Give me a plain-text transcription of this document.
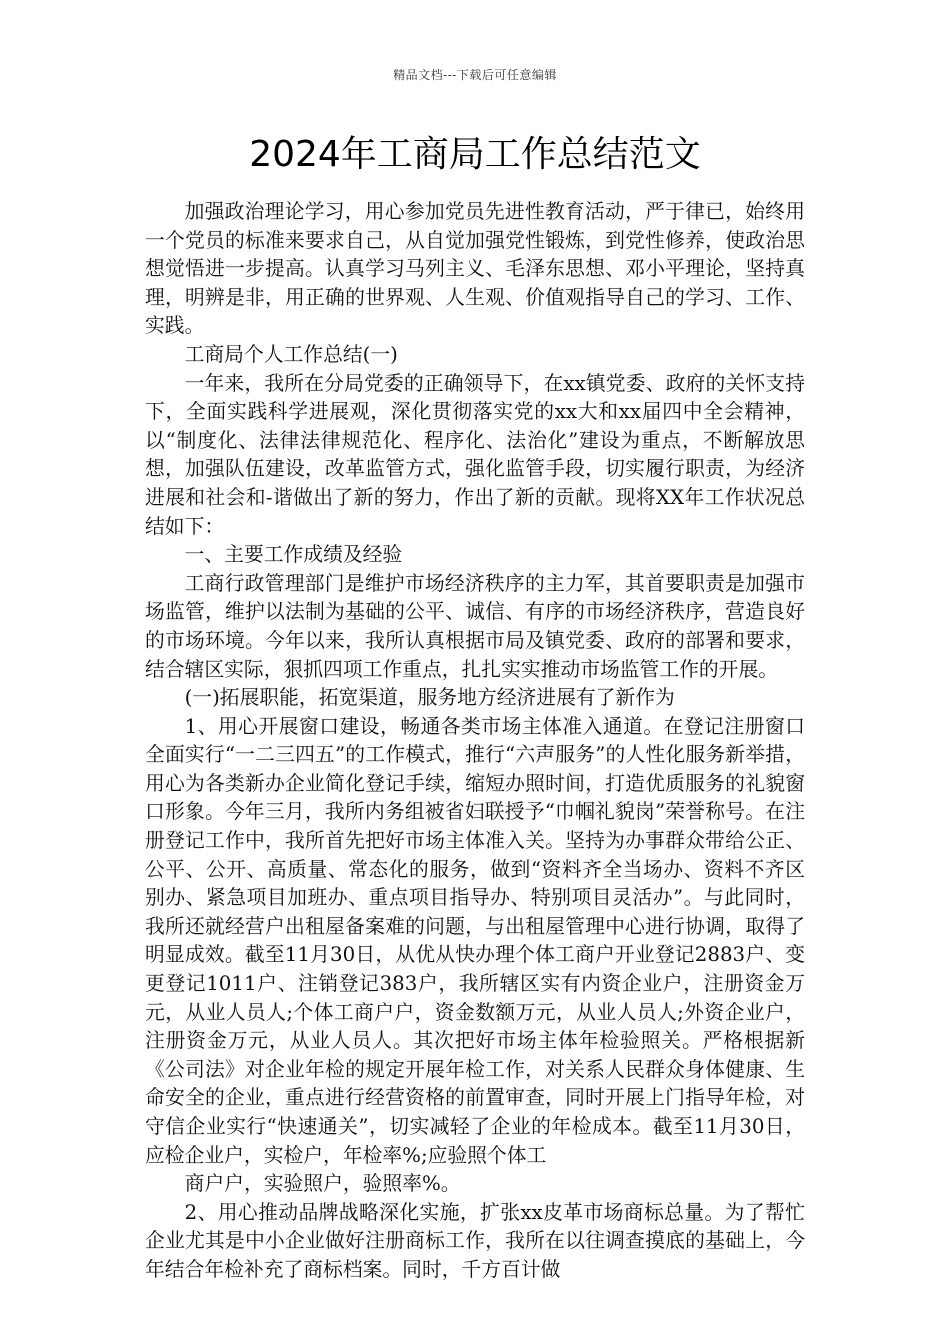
精品文档---下载后可任意编辑
2024年工商局工作总结范文

加强政治理论学习，用心参加党员先进性教育活动，严于律已，始终用一个党员的标准来要求自己，从自觉加强党性锻炼，到党性修养，使政治思想觉悟进一步提高。认真学习马列主义、毛泽东思想、邓小平理论，坚持真理，明辨是非，用正确的世界观、人生观、价值观指导自己的学习、工作、实践。

工商局个人工作总结(一)

一年来，我所在分局党委的正确领导下，在xx镇党委、政府的关怀支持下，全面实践科学进展观，深化贯彻落实党的xx大和xx届四中全会精神，以“制度化、法律法律规范化、程序化、法治化”建设为重点，不断解放思想，加强队伍建设，改革监管方式，强化监管手段，切实履行职责，为经济进展和社会和-谐做出了新的努力，作出了新的贡献。现将XX年工作状况总结如下：

一、主要工作成绩及经验

工商行政管理部门是维护市场经济秩序的主力军，其首要职责是加强市场监管，维护以法制为基础的公平、诚信、有序的市场经济秩序，营造良好的市场环境。今年以来，我所认真根据市局及镇党委、政府的部署和要求，结合辖区实际，狠抓四项工作重点，扎扎实实推动市场监管工作的开展。

(一)拓展职能，拓宽渠道，服务地方经济进展有了新作为

1、用心开展窗口建设，畅通各类市场主体准入通道。在登记注册窗口全面实行“一二三四五”的工作模式，推行“六声服务”的人性化服务新举措，用心为各类新办企业简化登记手续，缩短办照时间，打造优质服务的礼貌窗口形象。今年三月，我所内务组被省妇联授予“巾帼礼貌岗”荣誉称号。在注册登记工作中，我所首先把好市场主体准入关。坚持为办事群众带给公正、公平、公开、高质量、常态化的服务，做到“资料齐全当场办、资料不齐区别办、紧急项目加班办、重点项目指导办、特别项目灵活办”。与此同时，我所还就经营户出租屋备案难的问题，与出租屋管理中心进行协调，取得了明显成效。截至11月30日，从优从快办理个体工商户开业登记2883户、变更登记1011户、注销登记383户，我所辖区实有内资企业户，注册资金万元，从业人员人;个体工商户户，资金数额万元，从业人员人;外资企业户，注册资金万元，从业人员人。其次把好市场主体年检验照关。严格根据新《公司法》对企业年检的规定开展年检工作，对关系人民群众身体健康、生命安全的企业，重点进行经营资格的前置审查，同时开展上门指导年检，对守信企业实行“快速通关”，切实减轻了企业的年检成本。截至11月30日，应检企业户，实检户，年检率%;应验照个体工

商户户，实验照户，验照率%。

2、用心推动品牌战略深化实施，扩张xx皮革市场商标总量。为了帮忙企业尤其是中小企业做好注册商标工作，我所在以往调查摸底的基础上，今年结合年检补充了商标档案。同时，千方百计做
